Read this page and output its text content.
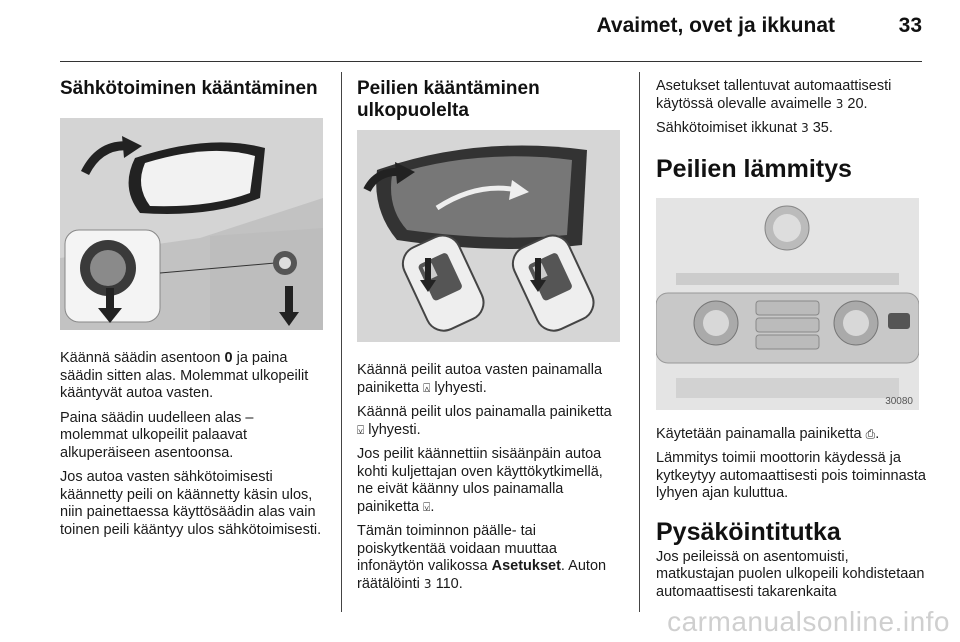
Avaimet, ovet ja ikkunat	33
Sähkötoiminen kääntäminen

Käännä säädin asentoon 0 ja paina säädin sitten alas. Molemmat ulkopeilit kääntyvät autoa vasten.

Paina säädin uudelleen alas – molemmat ulkopeilit palaavat alkuperäiseen asentoonsa.

Jos autoa vasten sähkötoimisesti käännetty peili on käännetty käsin ulos, niin painettaessa käyttösäädin alas vain toinen peili kääntyy ulos sähkötoimisesti.

Peilien kääntäminen ulkopuolelta

Käännä peilit autoa vasten painamalla painiketta ⍓ lyhyesti.

Käännä peilit ulos painamalla painiketta ⍌ lyhyesti.

Jos peilit käännettiin sisäänpäin autoa kohti kuljettajan oven käyttökytkimellä, ne eivät käänny ulos painamalla painiketta ⍌.

Tämän toiminnon päälle- tai poiskytkentää voidaan muuttaa infonäytön valikossa Asetukset. Auton räätälöinti 3 110.

Asetukset tallentuvat automaattisesti käytössä olevalle avaimelle 3 20.

Sähkötoimiset ikkunat 3 35.

Peilien lämmitys
30080

Käytetään painamalla painiketta ⎙.

Lämmitys toimii moottorin käydessä ja kytkeytyy automaattisesti pois toiminnasta lyhyen ajan kuluttua.

Pysäköintitutka

Jos peileissä on asentomuisti, matkustajan puolen ulkopeili kohdistetaan automaattisesti takarenkaita

carmanualsonline.info
